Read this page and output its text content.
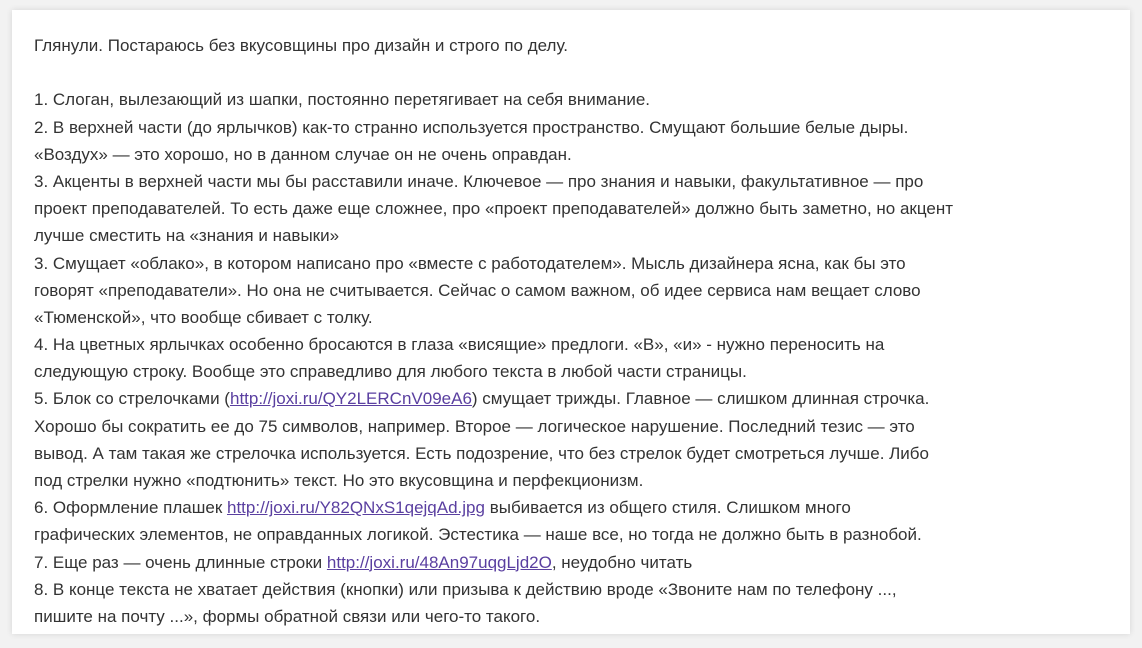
Глянули. Постараюсь без вкусовщины про дизайн и строго по делу.
1. Слоган, вылезающий из шапки, постоянно перетягивает на себя внимание.
2. В верхней части (до ярлычков) как-то странно используется пространство. Смущают большие белые дыры.
«Воздух» — это хорошо, но в данном случае он не очень оправдан.
3. Акценты в верхней части мы бы расставили иначе. Ключевое — про знания и навыки, факультативное — про
проект преподавателей. То есть даже еще сложнее, про «проект преподавателей» должно быть заметно, но акцент
лучше сместить на «знания и навыки»
3. Смущает «облако», в котором написано про «вместе с работодателем». Мысль дизайнера ясна, как бы это
говорят «преподаватели». Но она не считывается. Сейчас о самом важном, об идее сервиса нам вещает слово
«Тюменской», что вообще сбивает с толку.
4. На цветных ярлычках особенно бросаются в глаза «висящие» предлоги. «В», «и» - нужно переносить на
следующую строку. Вообще это справедливо для любого текста в любой части страницы.
5. Блок со стрелочками (http://joxi.ru/QY2LERCnV09eA6) смущает трижды. Главное — слишком длинная строчка.
Хорошо бы сократить ее до 75 символов, например. Второе — логическое нарушение. Последний тезис — это
вывод. А там такая же стрелочка используется. Есть подозрение, что без стрелок будет смотреться лучше. Либо
под стрелки нужно «подтюнить» текст. Но это вкусовщина и перфекционизм.
6. Оформление плашек http://joxi.ru/Y82QNxS1qejqAd.jpg выбивается из общего стиля. Слишком много
графических элементов, не оправданных логикой. Эстестика — наше все, но тогда не должно быть в разнобой.
7. Еще раз — очень длинные строки http://joxi.ru/48An97uqgLjd2O, неудобно читать
8. В конце текста не хватает действия (кнопки) или призыва к действию вроде «Звоните нам по телефону ...,
пишите на почту ...», формы обратной связи или чего-то такого.
